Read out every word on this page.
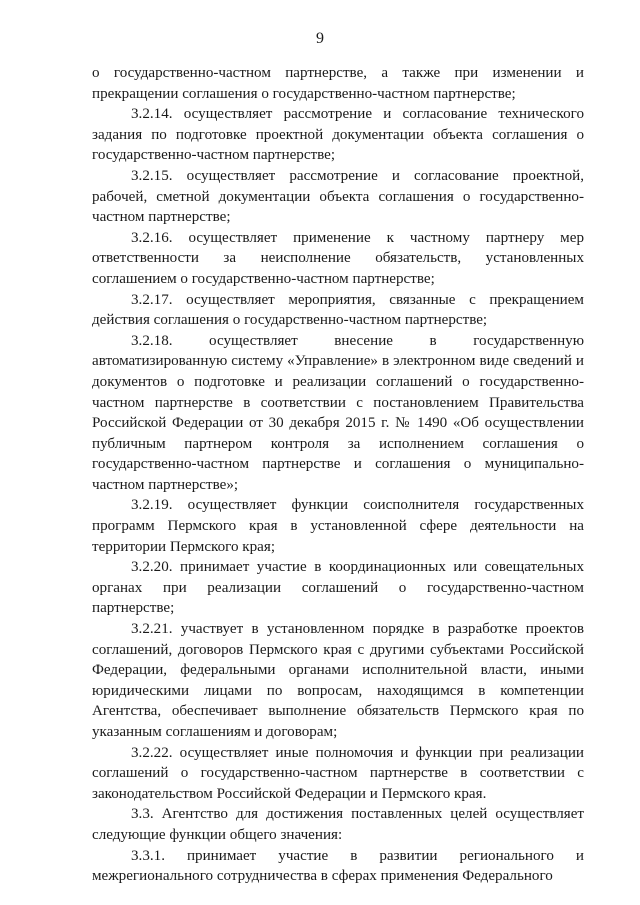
9

о государственно-частном партнерстве, а также при изменении и прекращении соглашения о государственно-частном партнерстве;

3.2.14. осуществляет рассмотрение и согласование технического задания по подготовке проектной документации объекта соглашения о государственно-частном партнерстве;

3.2.15. осуществляет рассмотрение и согласование проектной, рабочей, сметной документации объекта соглашения о государственно-частном партнерстве;

3.2.16. осуществляет применение к частному партнеру мер ответственности за неисполнение обязательств, установленных соглашением о государственно-частном партнерстве;

3.2.17. осуществляет мероприятия, связанные с прекращением действия соглашения о государственно-частном партнерстве;

3.2.18. осуществляет внесение в государственную автоматизированную систему «Управление» в электронном виде сведений и документов о подготовке и реализации соглашений о государственно-частном партнерстве в соответствии с постановлением Правительства Российской Федерации от 30 декабря 2015 г. № 1490 «Об осуществлении публичным партнером контроля за исполнением соглашения о государственно-частном партнерстве и соглашения о муниципально-частном партнерстве»;

3.2.19. осуществляет функции соисполнителя государственных программ Пермского края в установленной сфере деятельности на территории Пермского края;

3.2.20. принимает участие в координационных или совещательных органах при реализации соглашений о государственно-частном партнерстве;

3.2.21. участвует в установленном порядке в разработке проектов соглашений, договоров Пермского края с другими субъектами Российской Федерации, федеральными органами исполнительной власти, иными юридическими лицами по вопросам, находящимся в компетенции Агентства, обеспечивает выполнение обязательств Пермского края по указанным соглашениям и договорам;

3.2.22. осуществляет иные полномочия и функции при реализации соглашений о государственно-частном партнерстве в соответствии с законодательством Российской Федерации и Пермского края.

3.3. Агентство для достижения поставленных целей осуществляет следующие функции общего значения:

3.3.1. принимает участие в развитии регионального и межрегионального сотрудничества в сферах применения Федерального
